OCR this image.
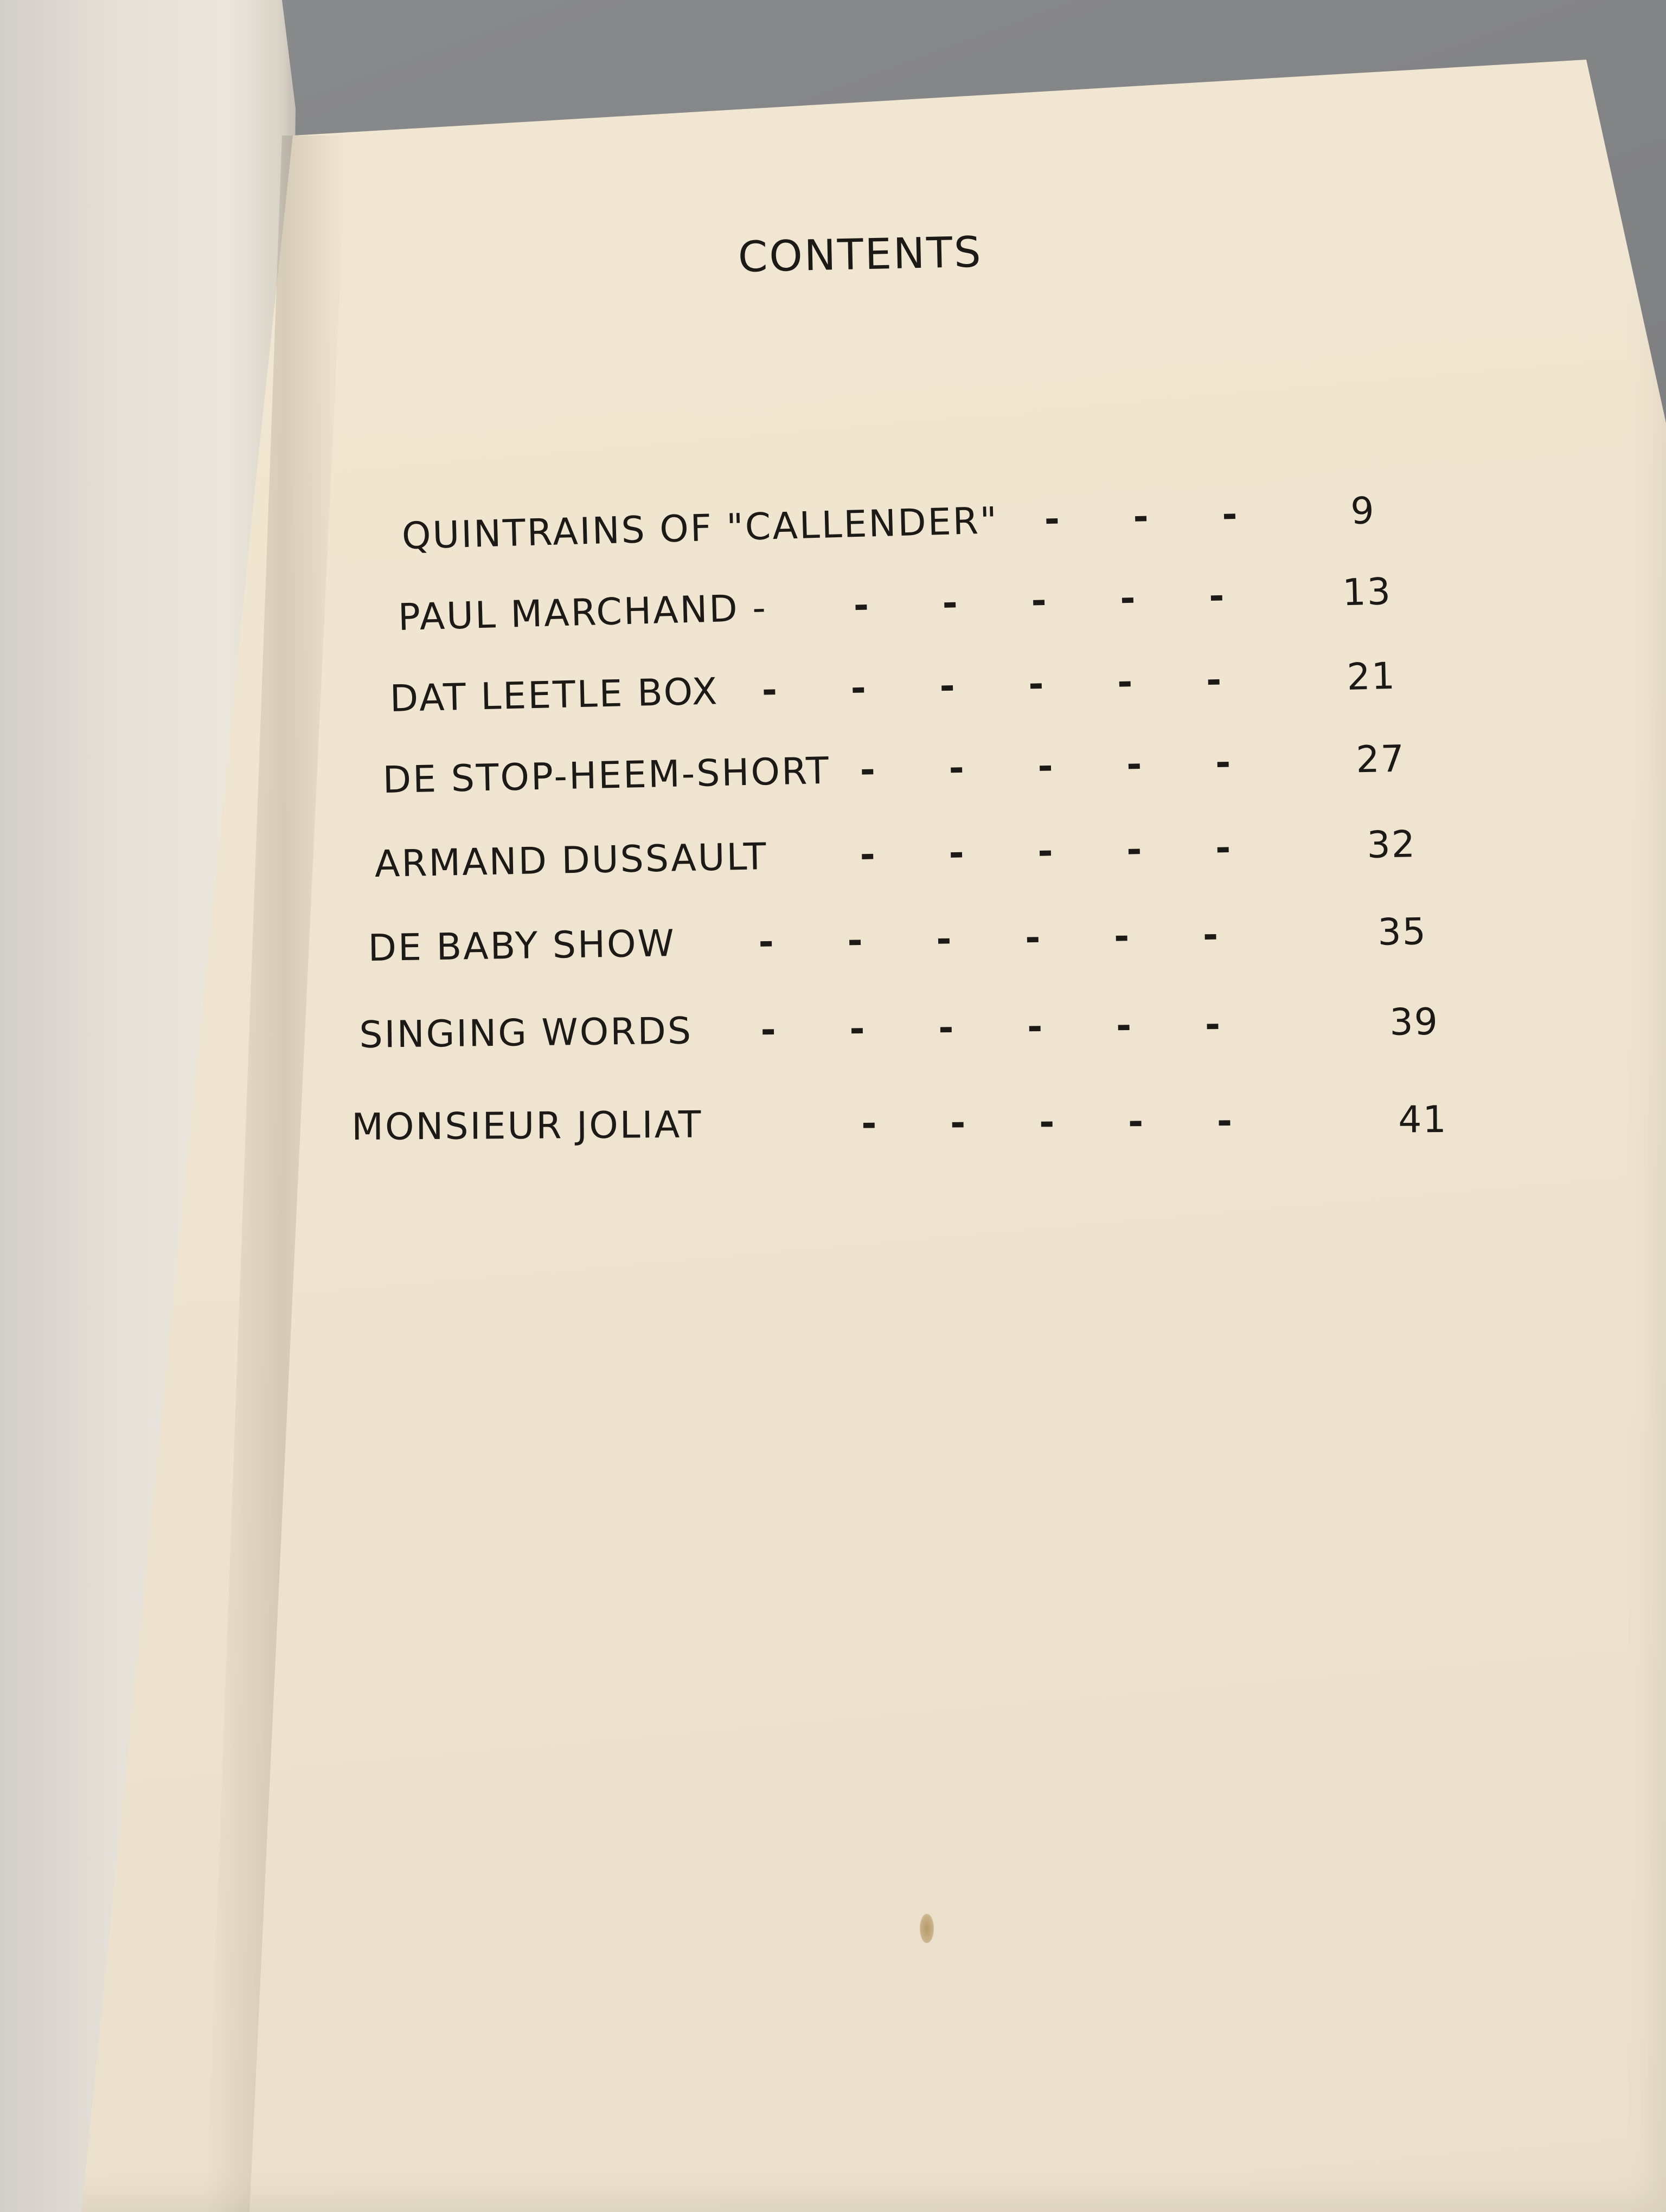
CONTENTS
QUINTRAINS OF "CALLENDER" - - -	9
PAUL MARCHAND - - - - - -	13
DAT LEETLE BOX - - - - - -	21
DE STOP-HEEM-SHORT - - - - -	27
ARMAND DUSSAULT - - - - -	32
DE BABY SHOW - - - - - -	35
SINGING WORDS - - - - - -	39
MONSIEUR JOLIAT	- - - - -	41
